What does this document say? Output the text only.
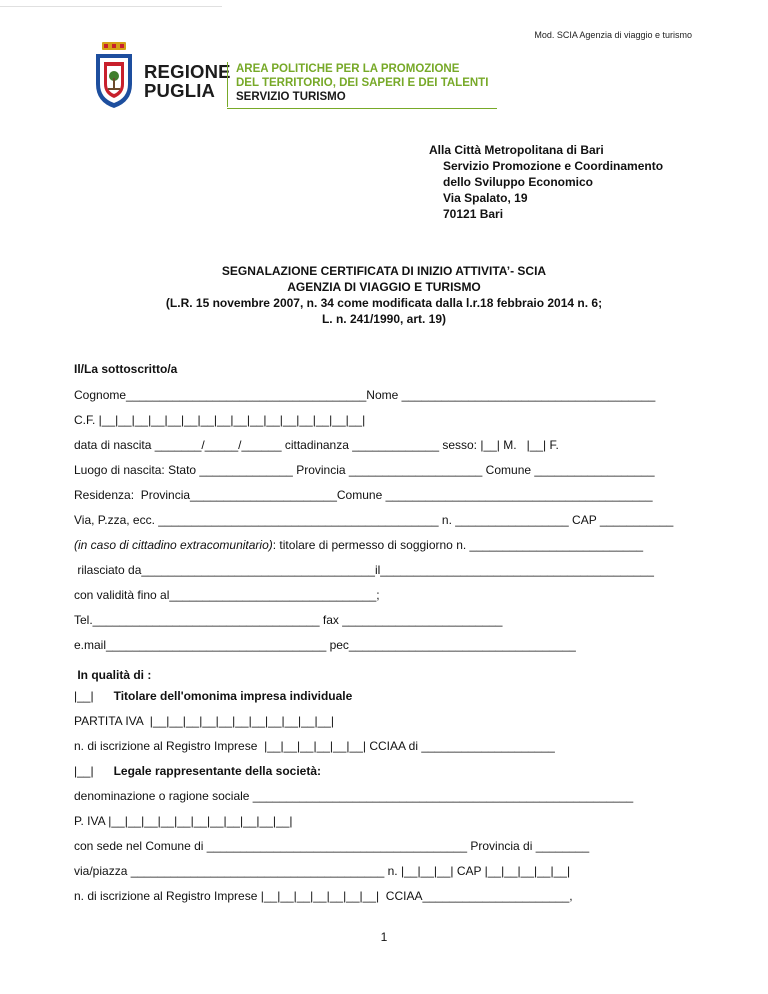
Mod. SCIA Agenzia di viaggio e turismo
REGIONE
PUGLIA
AREA POLITICHE PER LA PROMOZIONE
DEL TERRITORIO, DEI SAPERI E DEI TALENTI
SERVIZIO TURISMO
Alla Città Metropolitana di Bari
Servizio Promozione e Coordinamento
dello Sviluppo Economico
Via Spalato, 19
70121 Bari
SEGNALAZIONE CERTIFICATA DI INIZIO ATTIVITA’- SCIA
AGENZIA DI VIAGGIO E TURISMO
(L.R. 15 novembre 2007, n. 34 come modificata dalla l.r.18 febbraio 2014 n. 6;
L. n. 241/1990, art. 19)
Il/La sottoscritto/a
Cognome____________________________________Nome ______________________________________
C.F. |__|__|__|__|__|__|__|__|__|__|__|__|__|__|__|__|
data di nascita _______/_____/______ cittadinanza _____________ sesso: |__| M.   |__| F.
Luogo di nascita: Stato ______________ Provincia ____________________ Comune __________________
Residenza:  Provincia______________________Comune ________________________________________
Via, P.zza, ecc. __________________________________________ n. _________________ CAP ___________
(in caso di cittadino extracomunitario): titolare di permesso di soggiorno n. __________________________
rilasciato da___________________________________il_________________________________________
con validità fino al_______________________________;
Tel.__________________________________ fax ________________________
e.mail_________________________________ pec__________________________________
In qualità di :
|__| Titolare dell'omonima impresa individuale
PARTITA IVA  |__|__|__|__|__|__|__|__|__|__|__|
n. di iscrizione al Registro Imprese  |__|__|__|__|__|__| CCIAA di ____________________
|__| Legale rappresentante della società:
denominazione o ragione sociale _________________________________________________________
P. IVA |__|__|__|__|__|__|__|__|__|__|__|
con sede nel Comune di _______________________________________ Provincia di ________
via/piazza ______________________________________ n. |__|__|__| CAP |__|__|__|__|__|
n. di iscrizione al Registro Imprese |__|__|__|__|__|__|__|  CCIAA______________________,
1
